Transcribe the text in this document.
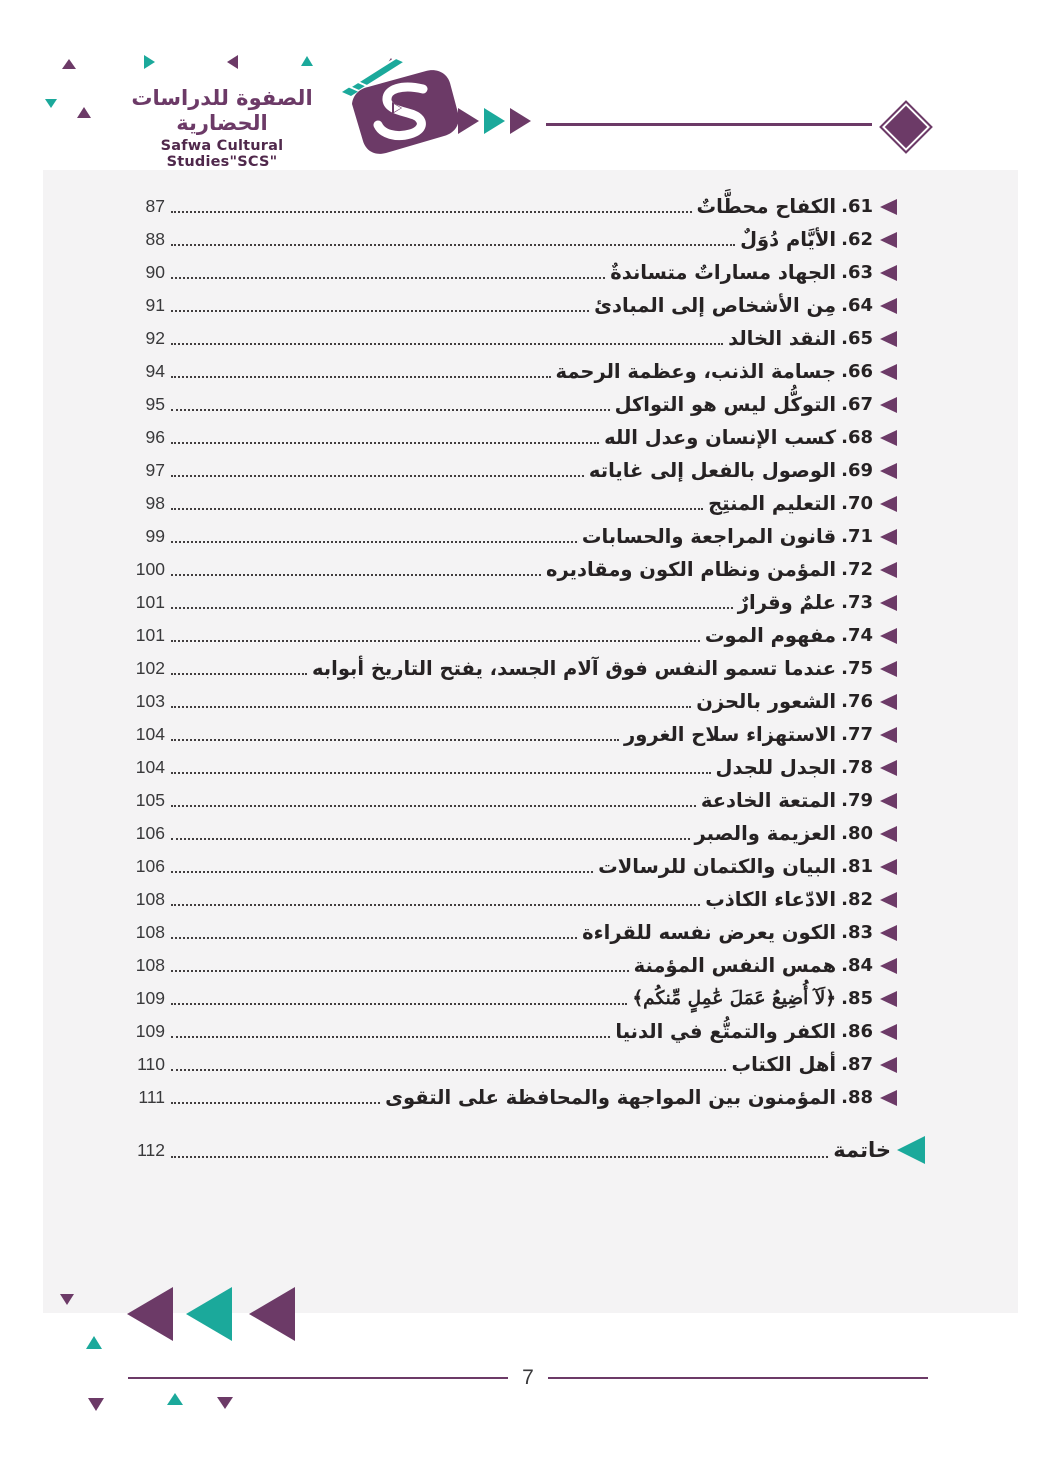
الصفوة للدراسات الحضارية
Safwa Cultural Studies"SCS"
61.
الكفاح محطَّاتٌ
87
62.
الأيَّام دُوَلٌ
88
63.
الجهاد مساراتٌ متساندةٌ
90
64.
مِن الأشخاص إلى المبادئ
91
65.
النقد الخالد
92
66.
جسامة الذنب، وعظمة الرحمة
94
67.
التوكُّل ليس هو التواكل
95
68.
كسب الإنسان وعدل الله
96
69.
الوصول بالفعل إلى غاياته
97
70.
التعليم المنتِج
98
71.
قانون المراجعة والحسابات
99
72.
المؤمن ونظام الكون ومقاديره
100
73.
علمٌ وقرارٌ
101
74.
مفهوم الموت
101
75.
عندما تسمو النفس فوق آلام الجسد، يفتح التاريخ أبوابه
102
76.
الشعور بالحزن
103
77.
الاستهزاء سلاح الغرور
104
78.
الجدل للجدل
104
79.
المتعة الخادعة
105
80.
العزيمة والصبر
106
81.
البيان والكتمان للرسالات
106
82.
الادّعاء الكاذب
108
83.
الكون يعرض نفسه للقراءة
108
84.
همس النفس المؤمنة
108
85.
﴿لَآ أُضِيعُ عَمَلَ عَٰمِلٍ مِّنكُم﴾
109
86.
الكفر والتمتُّع في الدنيا
109
87.
أهل الكتاب
110
88.
المؤمنون بين المواجهة والمحافظة على التقوى
111
خاتمة
112
7
